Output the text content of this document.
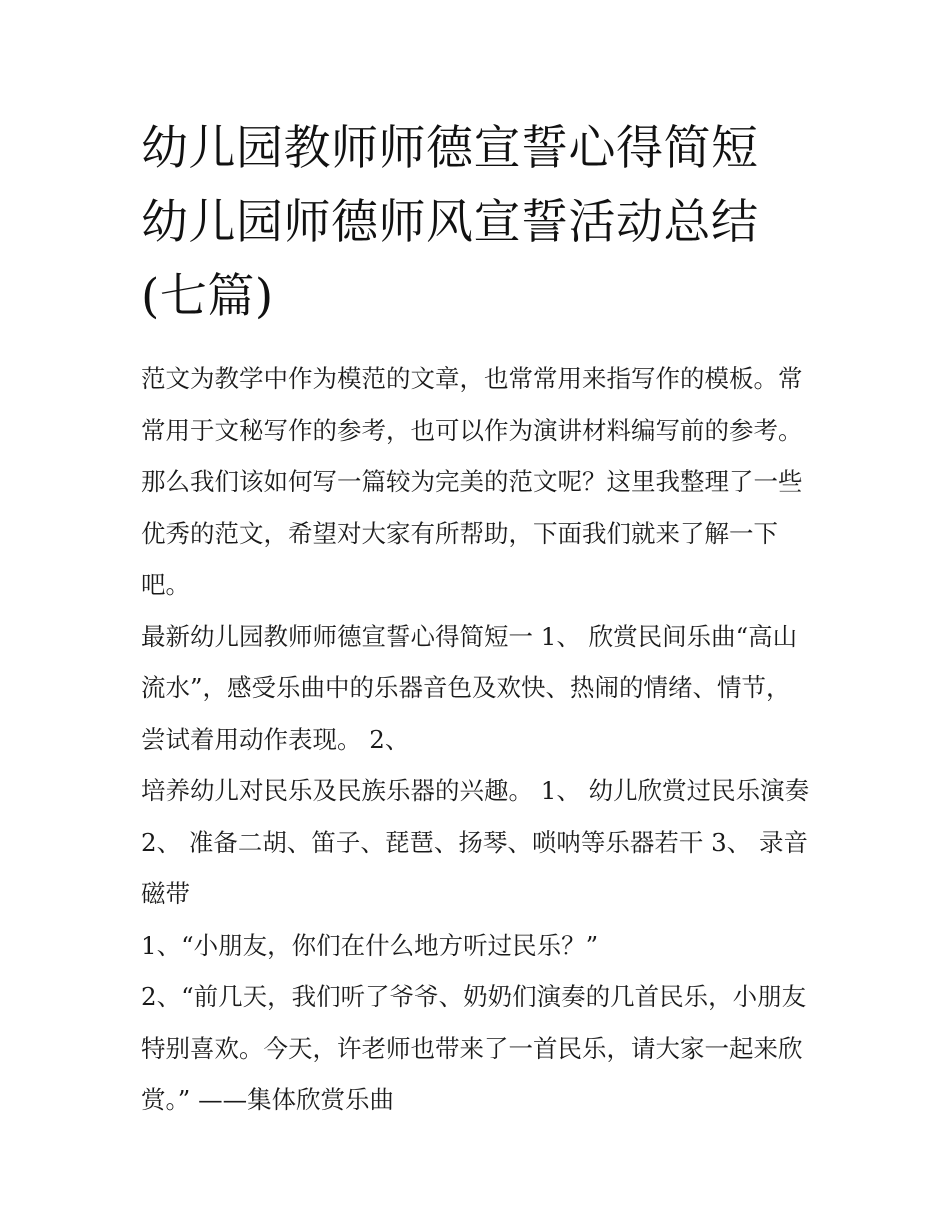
幼儿园教师师德宣誓心得简短
幼儿园师德师风宣誓活动总结
(七篇)

范文为教学中作为模范的文章，也常常用来指写作的模板。常
常用于文秘写作的参考，也可以作为演讲材料编写前的参考。
那么我们该如何写一篇较为完美的范文呢？这里我整理了一些
优秀的范文，希望对大家有所帮助，下面我们就来了解一下
吧。

最新幼儿园教师师德宣誓心得简短一 1、 欣赏民间乐曲“高山
流水”，感受乐曲中的乐器音色及欢快、热闹的情绪、情节，
尝试着用动作表现。 2、

培养幼儿对民乐及民族乐器的兴趣。 1、 幼儿欣赏过民乐演奏
2、 准备二胡、笛子、琵琶、扬琴、唢呐等乐器若干 3、 录音
磁带

1、“小朋友，你们在什么地方听过民乐？”

2、“前几天，我们听了爷爷、奶奶们演奏的几首民乐，小朋友
特别喜欢。今天，许老师也带来了一首民乐，请大家一起来欣
赏。” ——集体欣赏乐曲
